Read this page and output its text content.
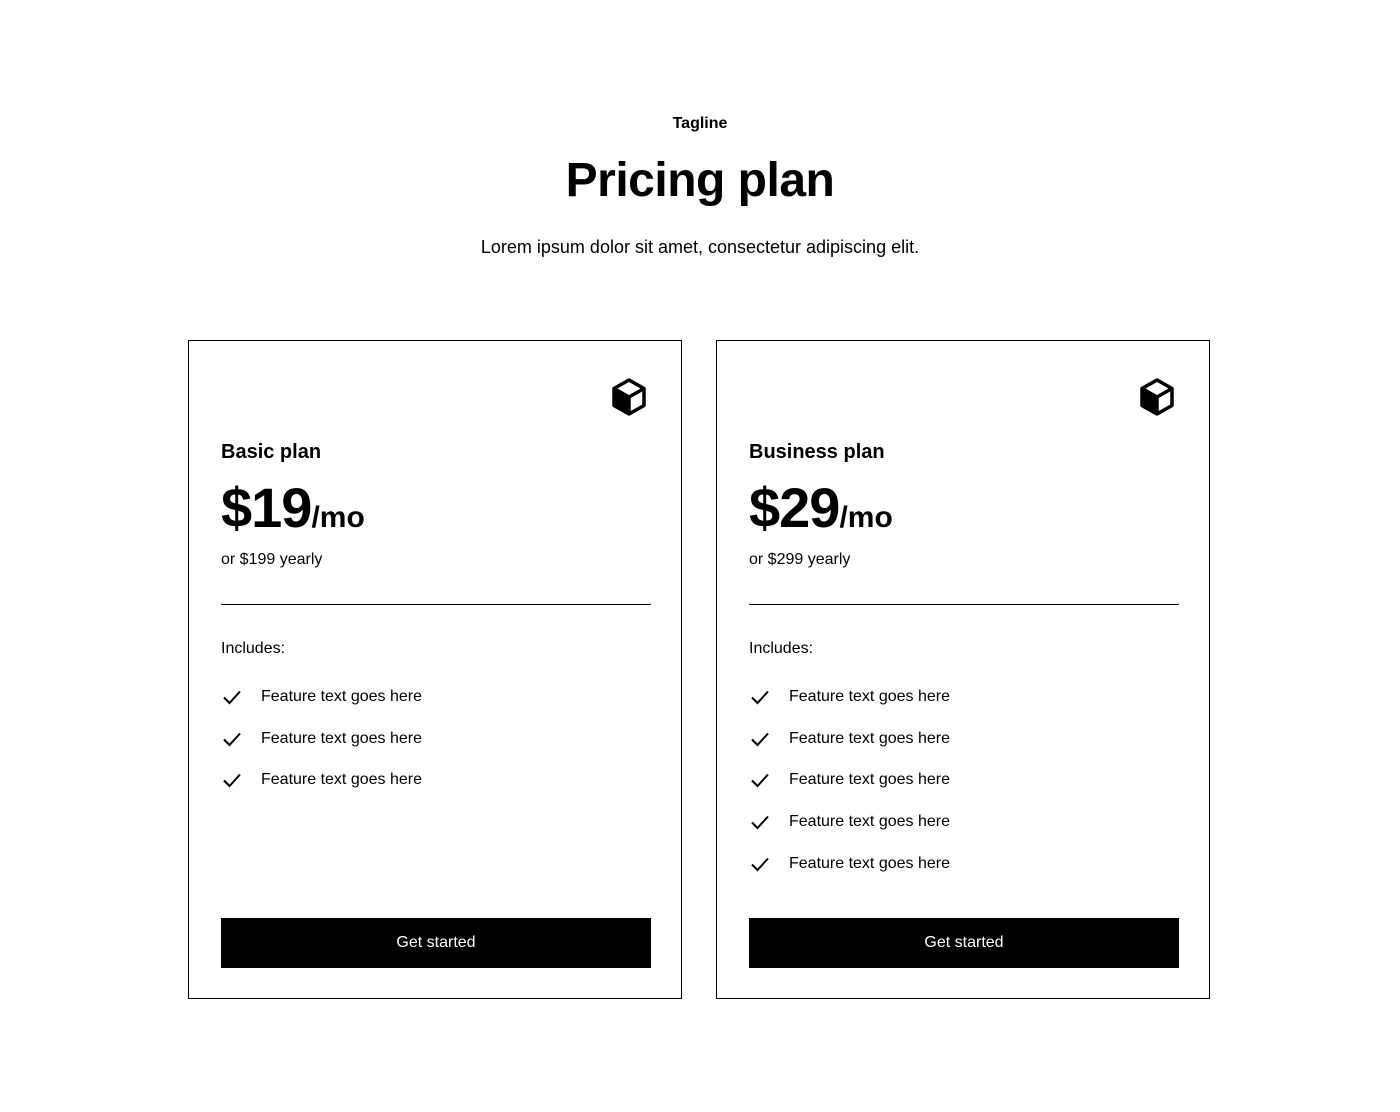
Tagline
Pricing plan

Lorem ipsum dolor sit amet, consectetur adipiscing elit.

Basic plan
$19/mo
or $199 yearly
Includes:
Feature text goes here
Feature text goes here
Feature text goes here
Get started
Business plan
$29/mo
or $299 yearly
Includes:
Feature text goes here
Feature text goes here
Feature text goes here
Feature text goes here
Feature text goes here
Get started
